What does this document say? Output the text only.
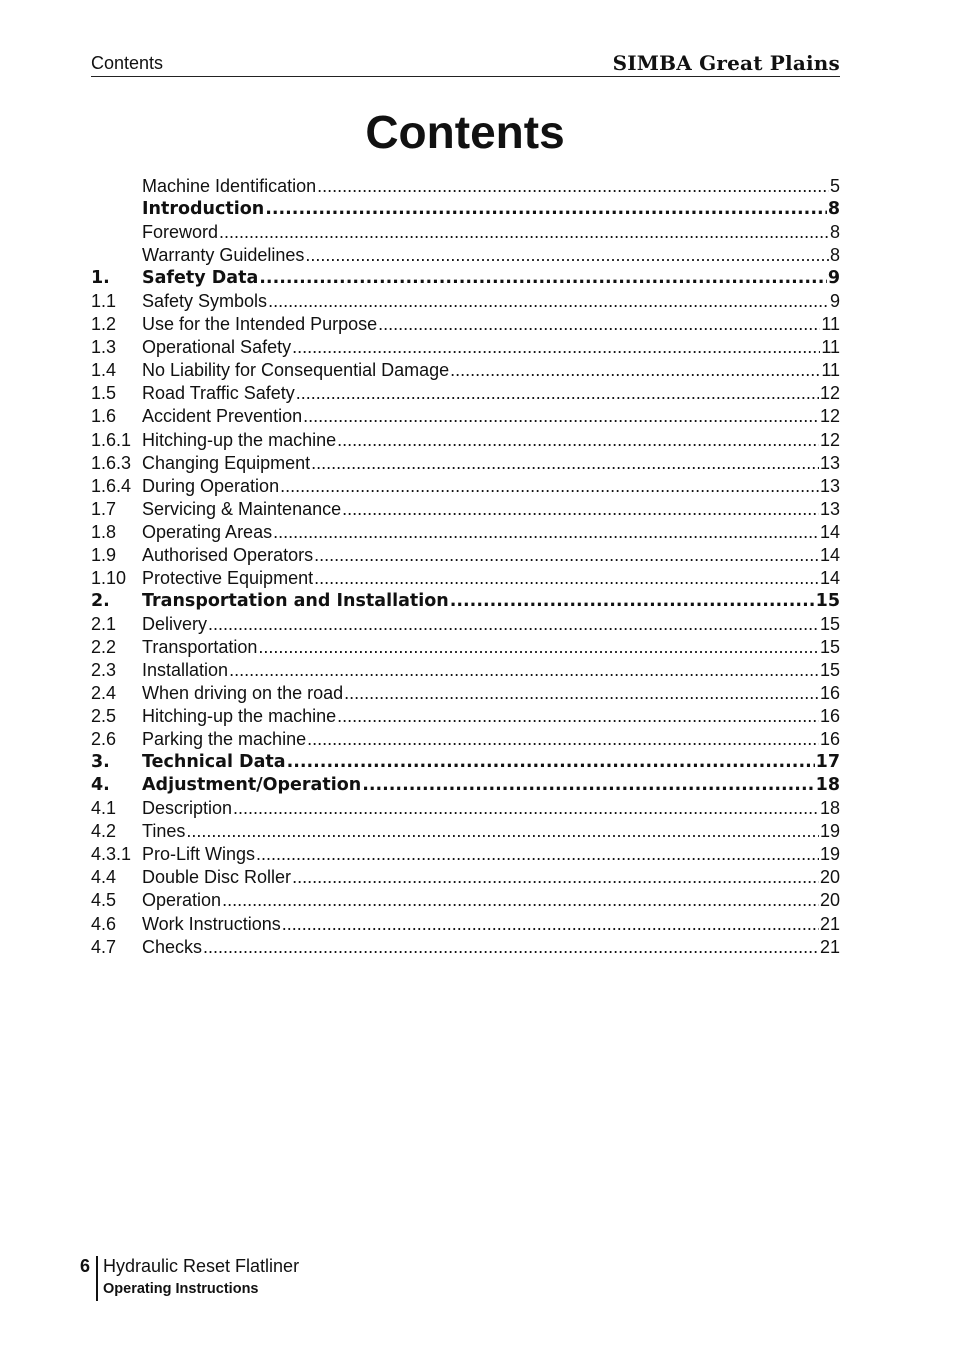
Contents	SIMBA Great Plains
Contents
Machine Identification .....	5
Introduction .....	8
Foreword .....	8
Warranty Guidelines .....	8
1.	Safety Data .....	9
1.1	Safety Symbols .....	9
1.2	Use for the Intended Purpose .....	11
1.3	Operational Safety .....	11
1.4	No Liability for Consequential Damage .....	11
1.5	Road Traffic Safety .....	12
1.6	Accident Prevention .....	12
1.6.1 Hitching-up the machine .....	12
1.6.3 Changing Equipment .....	13
1.6.4 During Operation .....	13
1.7	Servicing & Maintenance .....	13
1.8	Operating Areas .....	14
1.9	Authorised Operators .....	14
1.10 Protective Equipment .....	14
2.	Transportation and Installation .....	15
2.1	Delivery .....	15
2.2	Transportation .....	15
2.3	Installation .....	15
2.4	When driving on the road .....	16
2.5	Hitching-up the machine .....	16
2.6	Parking the machine .....	16
3.	Technical Data .....	17
4.	Adjustment/Operation .....	18
4.1	Description .....	18
4.2	Tines .....	19
4.3.1 Pro-Lift Wings .....	19
4.4	Double Disc Roller .....	20
4.5	Operation .....	20
4.6	Work Instructions .....	21
4.7	Checks .....	21
6 Hydraulic Reset Flatliner
Operating Instructions
